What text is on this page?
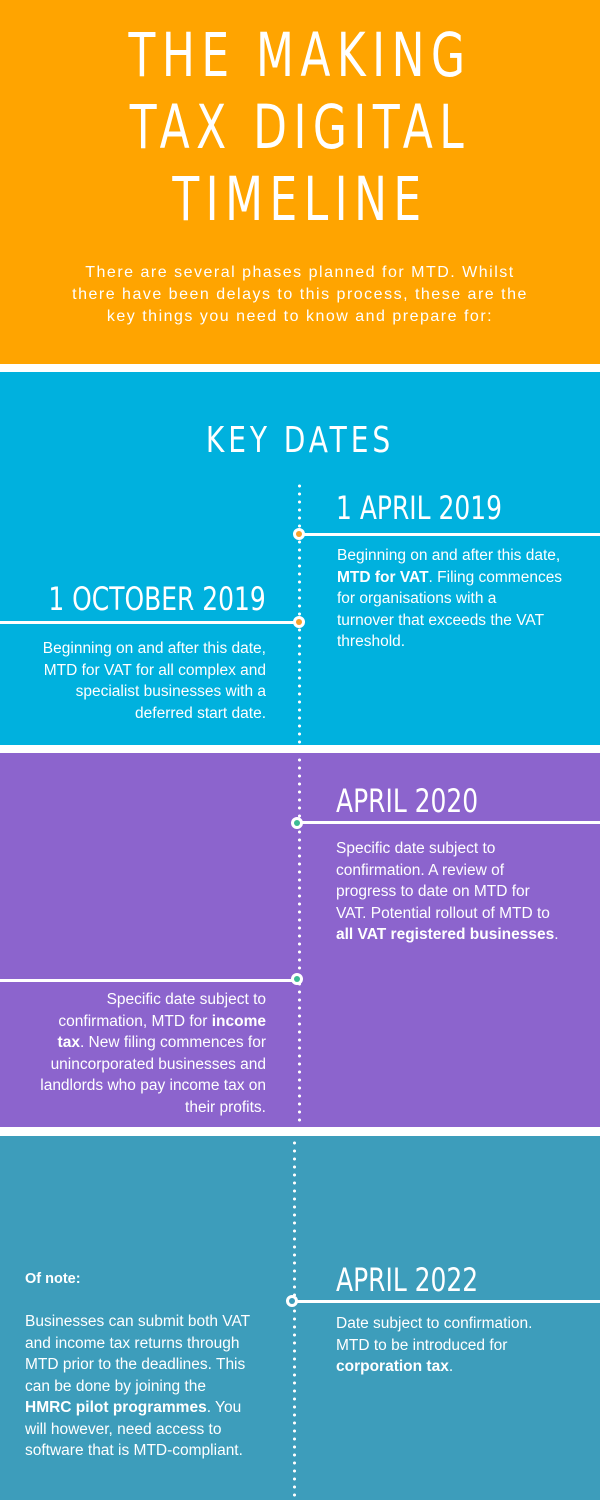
THE MAKING
TAX DIGITAL
TIMELINE
There are several phases planned for MTD. Whilst
there have been delays to this process, these are the
key things you need to know and prepare for:
KEY DATES
1 APRIL 2019
Beginning on and after this date,
MTD for VAT. Filing commences
for organisations with a
turnover that exceeds the VAT
threshold.
1 OCTOBER 2019
Beginning on and after this date,
MTD for VAT for all complex and
specialist businesses with a
deferred start date.
APRIL 2020
Specific date subject to
confirmation. A review of
progress to date on MTD for
VAT. Potential rollout of MTD to
all VAT registered businesses.
Specific date subject to
confirmation, MTD for income
tax. New filing commences for
unincorporated businesses and
landlords who pay income tax on
their profits.
APRIL 2022
Date subject to confirmation.
MTD to be introduced for
corporation tax.
Of note:
Businesses can submit both VAT
and income tax returns through
MTD prior to the deadlines. This
can be done by joining the
HMRC pilot programmes. You
will however, need access to
software that is MTD-compliant.
